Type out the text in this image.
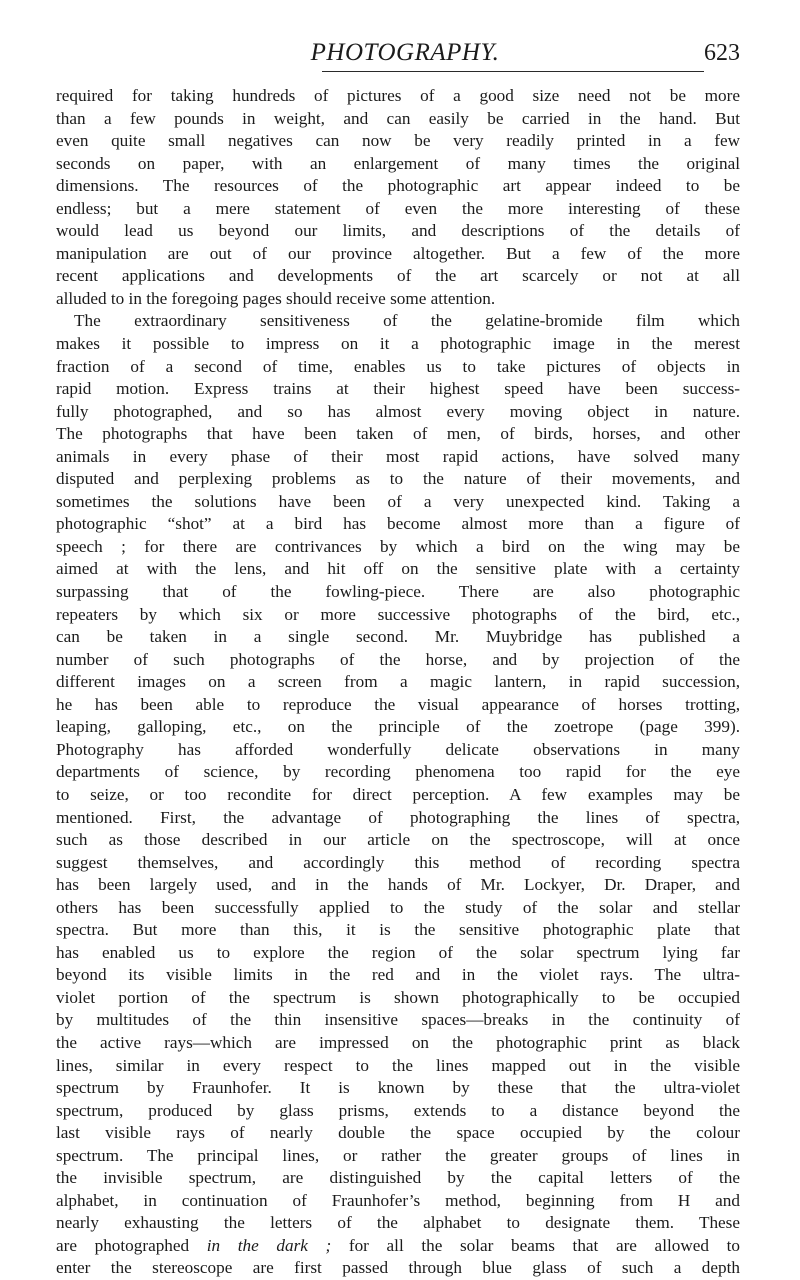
PHOTOGRAPHY.	623

required for taking hundreds of pictures of a good size need not be more
than a few pounds in weight, and can easily be carried in the hand. But
even quite small negatives can now be very readily printed in a few
seconds on paper, with an enlargement of many times the original
dimensions. The resources of the photographic art appear indeed to be
endless; but a mere statement of even the more interesting of these
would lead us beyond our limits, and descriptions of the details of
manipulation are out of our province altogether. But a few of the more
recent applications and developments of the art scarcely or not at all
alluded to in the foregoing pages should receive some attention.

The extraordinary sensitiveness of the gelatine-bromide film which
makes it possible to impress on it a photographic image in the merest
fraction of a second of time, enables us to take pictures of objects in
rapid motion. Express trains at their highest speed have been success-
fully photographed, and so has almost every moving object in nature.
The photographs that have been taken of men, of birds, horses, and other
animals in every phase of their most rapid actions, have solved many
disputed and perplexing problems as to the nature of their movements, and
sometimes the solutions have been of a very unexpected kind. Taking a
photographic “shot” at a bird has become almost more than a figure of
speech ; for there are contrivances by which a bird on the wing may be
aimed at with the lens, and hit off on the sensitive plate with a certainty
surpassing that of the fowling-piece. There are also photographic
repeaters by which six or more successive photographs of the bird, etc.,
can be taken in a single second. Mr. Muybridge has published a
number of such photographs of the horse, and by projection of the
different images on a screen from a magic lantern, in rapid succession,
he has been able to reproduce the visual appearance of horses trotting,
leaping, galloping, etc., on the principle of the zoetrope (page 399).
Photography has afforded wonderfully delicate observations in many
departments of science, by recording phenomena too rapid for the eye
to seize, or too recondite for direct perception. A few examples may be
mentioned. First, the advantage of photographing the lines of spectra,
such as those described in our article on the spectroscope, will at once
suggest themselves, and accordingly this method of recording spectra
has been largely used, and in the hands of Mr. Lockyer, Dr. Draper, and
others has been successfully applied to the study of the solar and stellar
spectra. But more than this, it is the sensitive photographic plate that
has enabled us to explore the region of the solar spectrum lying far
beyond its visible limits in the red and in the violet rays. The ultra-
violet portion of the spectrum is shown photographically to be occupied
by multitudes of the thin insensitive spaces—breaks in the continuity of
the active rays—which are impressed on the photographic print as black
lines, similar in every respect to the lines mapped out in the visible
spectrum by Fraunhofer. It is known by these that the ultra-violet
spectrum, produced by glass prisms, extends to a distance beyond the
last visible rays of nearly double the space occupied by the colour
spectrum. The principal lines, or rather the greater groups of lines in
the invisible spectrum, are distinguished by the capital letters of the
alphabet, in continuation of Fraunhofer’s method, beginning from H and
nearly exhausting the letters of the alphabet to designate them. These
are photographed in the dark ; for all the solar beams that are allowed to
enter the stereoscope are first passed through blue glass of such a depth
